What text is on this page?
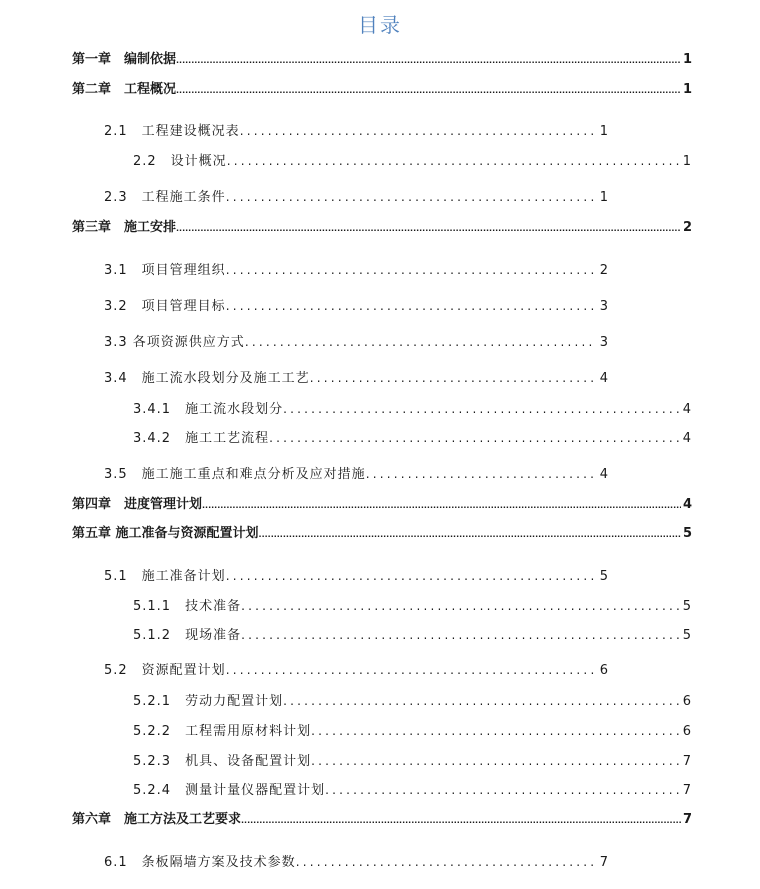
目录
第一章　编制依据 .....	1
第二章　工程概况 .....	1
2.1　工程建设概况表 .....	1
2.2　设计概况 .....	1
2.3　工程施工条件 .....	1
第三章　施工安排 .....	2
3.1　项目管理组织 .....	2
3.2　项目管理目标 .....	3
3.3 各项资源供应方式 .....	3
3.4　施工流水段划分及施工工艺 .....	4
3.4.1　施工流水段划分 .....	4
3.4.2　施工工艺流程 .....	4
3.5　施工施工重点和难点分析及应对措施 .....	4
第四章　进度管理计划 .....	4
第五章 施工准备与资源配置计划 .....	5
5.1　施工准备计划 .....	5
5.1.1　技术准备 .....	5
5.1.2　现场准备 .....	5
5.2　资源配置计划 .....	6
5.2.1　劳动力配置计划 .....	6
5.2.2　工程需用原材料计划 .....	6
5.2.3　机具、设备配置计划 .....	7
5.2.4　测量计量仪器配置计划 .....	7
第六章　施工方法及工艺要求 .....	7
6.1　条板隔墙方案及技术参数 .....	7
